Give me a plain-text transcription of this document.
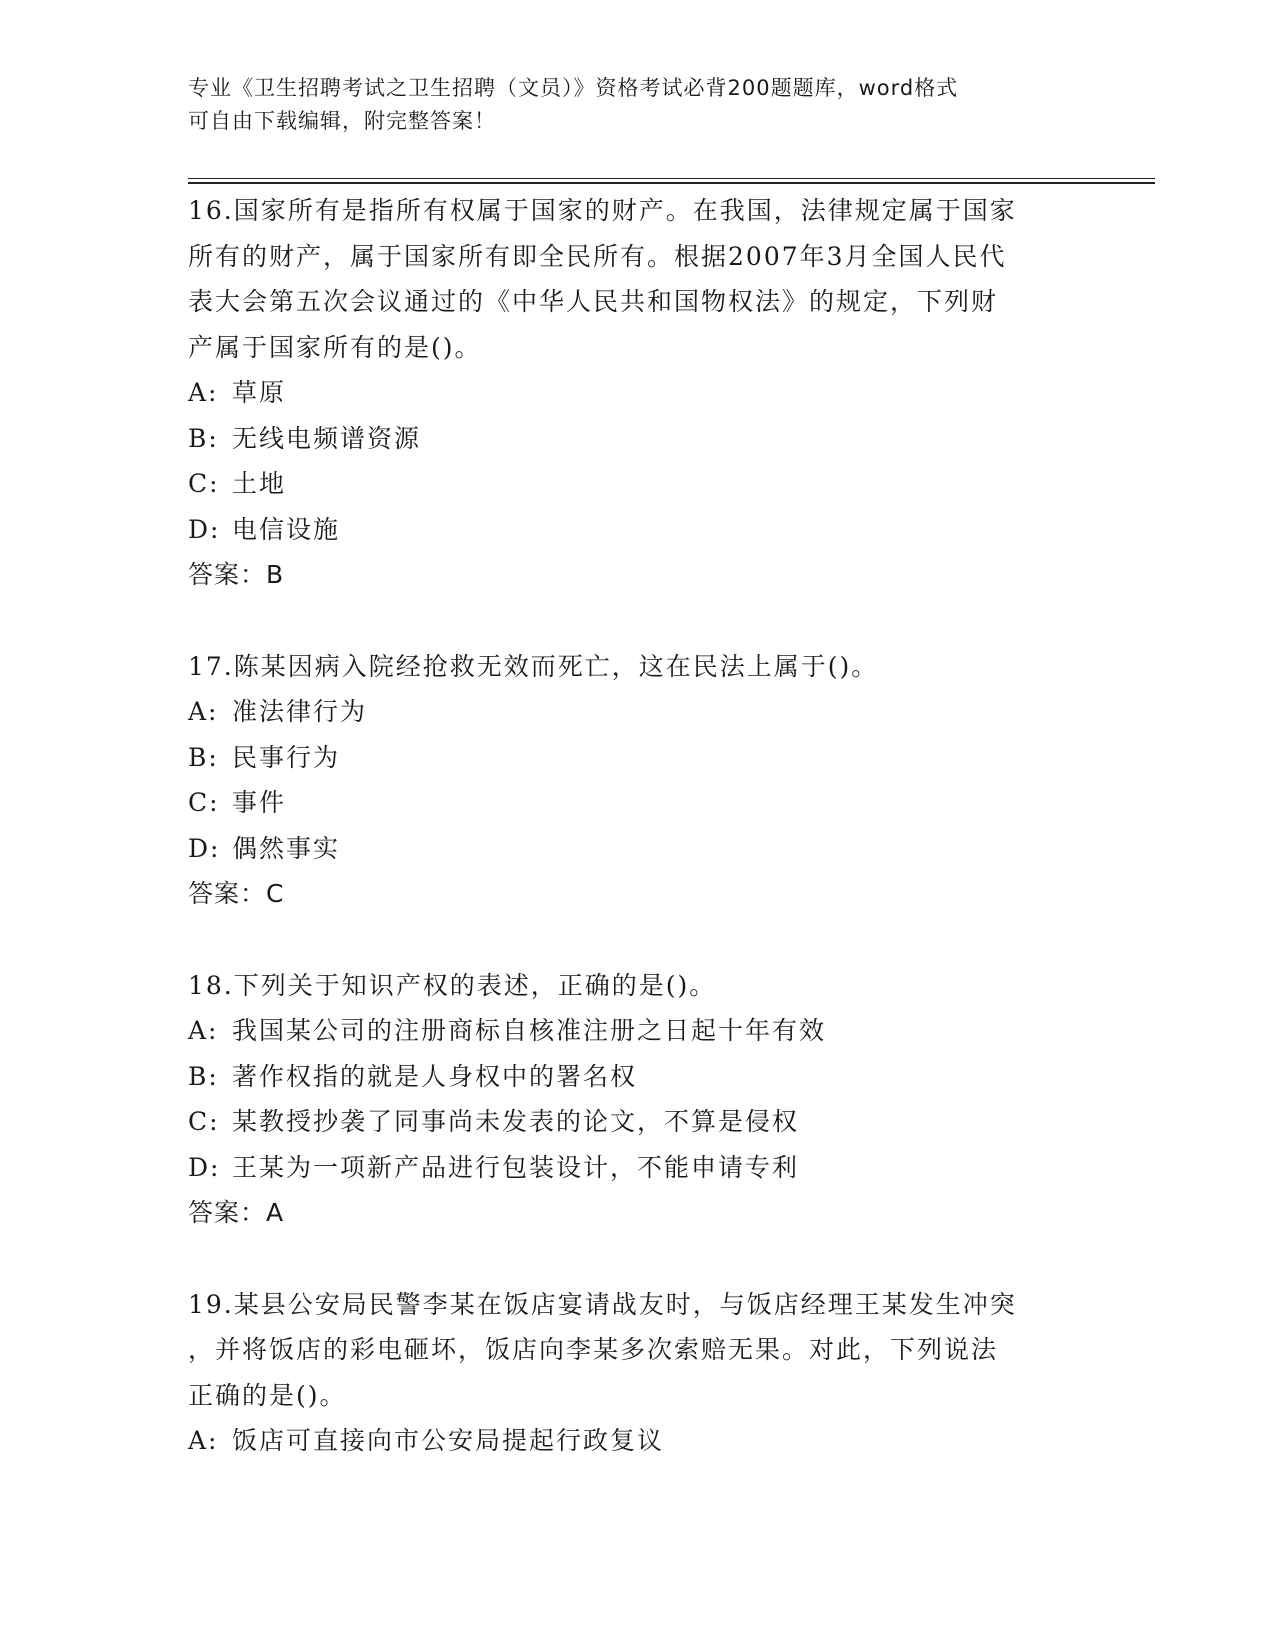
专业《卫生招聘考试之卫生招聘（文员）》资格考试必背200题题库，word格式
可自由下载编辑，附完整答案！
16.国家所有是指所有权属于国家的财产。在我国，法律规定属于国家
所有的财产，属于国家所有即全民所有。根据2007年3月全国人民代
表大会第五次会议通过的《中华人民共和国物权法》的规定，下列财
产属于国家所有的是()。
A: 草原
B: 无线电频谱资源
C: 土地
D: 电信设施
答案：B
17.陈某因病入院经抢救无效而死亡，这在民法上属于()。
A: 准法律行为
B: 民事行为
C: 事件
D: 偶然事实
答案：C
18.下列关于知识产权的表述，正确的是()。
A: 我国某公司的注册商标自核准注册之日起十年有效
B: 著作权指的就是人身权中的署名权
C: 某教授抄袭了同事尚未发表的论文，不算是侵权
D: 王某为一项新产品进行包装设计，不能申请专利
答案：A
19.某县公安局民警李某在饭店宴请战友时，与饭店经理王某发生冲突
，并将饭店的彩电砸坏，饭店向李某多次索赔无果。对此，下列说法
正确的是()。
A: 饭店可直接向市公安局提起行政复议
